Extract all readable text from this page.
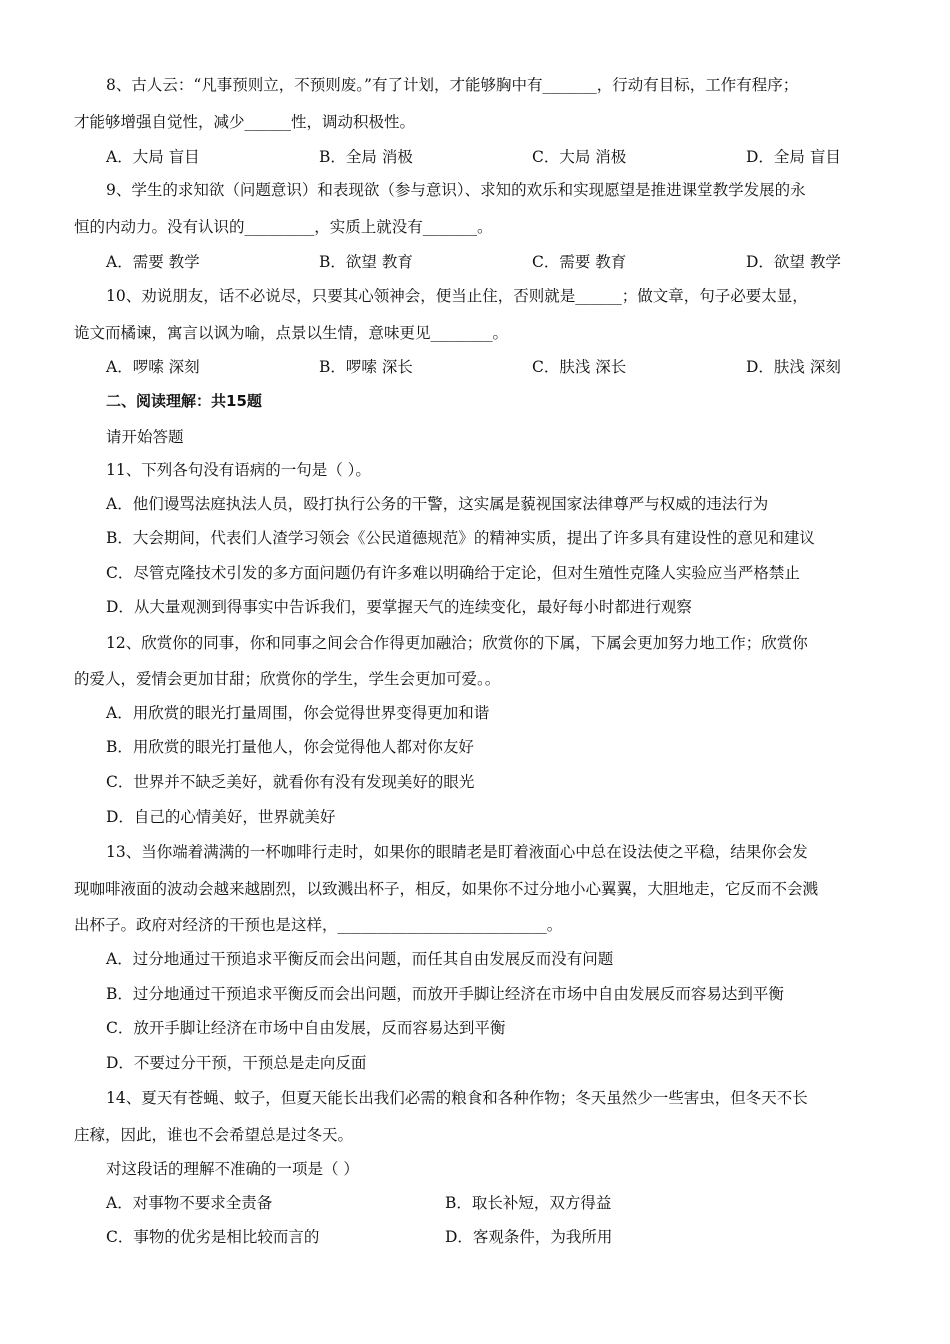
8、古人云：“凡事预则立，不预则废。”有了计划，才能够胸中有_______，行动有目标，工作有程序；
才能够增强自觉性，减少______性，调动积极性。
A．大局 盲目	B．全局 消极	C．大局 消极	D．全局 盲目
9、学生的求知欲（问题意识）和表现欲（参与意识）、求知的欢乐和实现愿望是推进课堂教学发展的永
恒的内动力。没有认识的_________，实质上就没有_______。
A．需要 教学	B．欲望 教育	C．需要 教育	D．欲望 教学
10、劝说朋友，话不必说尽，只要其心领神会，便当止住，否则就是______；做文章，句子必要太显，
诡文而橘谏，寓言以讽为喻，点景以生情，意味更见________。
A．啰嗦 深刻	B．啰嗦 深长	C．肤浅 深长	D．肤浅 深刻
二、阅读理解：共15题
请开始答题
11、下列各句没有语病的一句是（ ）。
A．他们谩骂法庭执法人员，殴打执行公务的干警，这实属是藐视国家法律尊严与权威的违法行为
B．大会期间，代表们人渣学习领会《公民道德规范》的精神实质，提出了许多具有建设性的意见和建议
C．尽管克隆技术引发的多方面问题仍有许多难以明确给于定论，但对生殖性克隆人实验应当严格禁止
D．从大量观测到得事实中告诉我们，要掌握天气的连续变化，最好每小时都进行观察
12、欣赏你的同事，你和同事之间会合作得更加融洽；欣赏你的下属，下属会更加努力地工作；欣赏你
的爱人，爱情会更加甘甜；欣赏你的学生，学生会更加可爱。。
A．用欣赏的眼光打量周围，你会觉得世界变得更加和谐
B．用欣赏的眼光打量他人，你会觉得他人都对你友好
C．世界并不缺乏美好，就看你有没有发现美好的眼光
D．自己的心情美好，世界就美好
13、当你端着满满的一杯咖啡行走时，如果你的眼睛老是盯着液面心中总在设法使之平稳，结果你会发
现咖啡液面的波动会越来越剧烈，以致溅出杯子，相反，如果你不过分地小心翼翼，大胆地走，它反而不会溅
出杯子。政府对经济的干预也是这样，___________________________。
A．过分地通过干预追求平衡反而会出问题，而任其自由发展反而没有问题
B．过分地通过干预追求平衡反而会出问题，而放开手脚让经济在市场中自由发展反而容易达到平衡
C．放开手脚让经济在市场中自由发展，反而容易达到平衡
D．不要过分干预，干预总是走向反面
14、夏天有苍蝇、蚊子，但夏天能长出我们必需的粮食和各种作物；冬天虽然少一些害虫，但冬天不长
庄稼，因此，谁也不会希望总是过冬天。
对这段话的理解不准确的一项是（ ）
A．对事物不要求全责备	B．取长补短，双方得益
C．事物的优劣是相比较而言的	D．客观条件，为我所用
